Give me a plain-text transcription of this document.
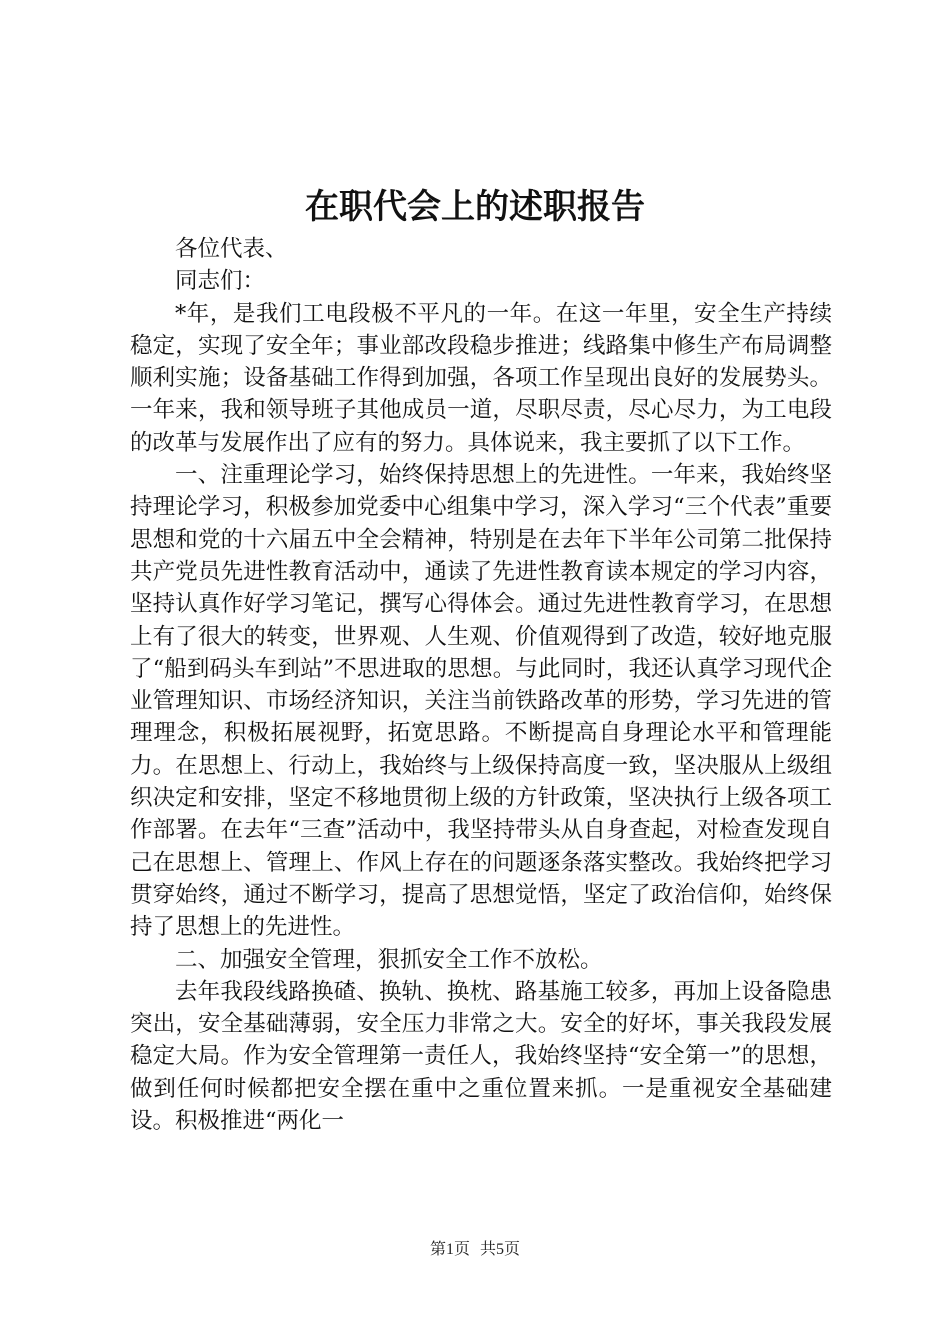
在职代会上的述职报告

各位代表、

同志们：

*年，是我们工电段极不平凡的一年。在这一年里，安全生产持续稳定，实现了安全年；事业部改段稳步推进；线路集中修生产布局调整顺利实施；设备基础工作得到加强，各项工作呈现出良好的发展势头。一年来，我和领导班子其他成员一道，尽职尽责，尽心尽力，为工电段的改革与发展作出了应有的努力。具体说来，我主要抓了以下工作。

一、注重理论学习，始终保持思想上的先进性。一年来，我始终坚持理论学习，积极参加党委中心组集中学习，深入学习“三个代表”重要思想和党的十六届五中全会精神，特别是在去年下半年公司第二批保持共产党员先进性教育活动中，通读了先进性教育读本规定的学习内容，坚持认真作好学习笔记，撰写心得体会。通过先进性教育学习，在思想上有了很大的转变，世界观、人生观、价值观得到了改造，较好地克服了“船到码头车到站”不思进取的思想。与此同时，我还认真学习现代企业管理知识、市场经济知识，关注当前铁路改革的形势，学习先进的管理理念，积极拓展视野，拓宽思路。不断提高自身理论水平和管理能力。在思想上、行动上，我始终与上级保持高度一致，坚决服从上级组织决定和安排，坚定不移地贯彻上级的方针政策，坚决执行上级各项工作部署。在去年“三查”活动中，我坚持带头从自身查起，对检查发现自己在思想上、管理上、作风上存在的问题逐条落实整改。我始终把学习贯穿始终，通过不断学习，提高了思想觉悟，坚定了政治信仰，始终保持了思想上的先进性。

二、加强安全管理，狠抓安全工作不放松。

去年我段线路换碴、换轨、换枕、路基施工较多，再加上设备隐患突出，安全基础薄弱，安全压力非常之大。安全的好坏，事关我段发展稳定大局。作为安全管理第一责任人，我始终坚持“安全第一”的思想，做到任何时候都把安全摆在重中之重位置来抓。一是重视安全基础建设。积极推进“两化一

第1页 共5页
